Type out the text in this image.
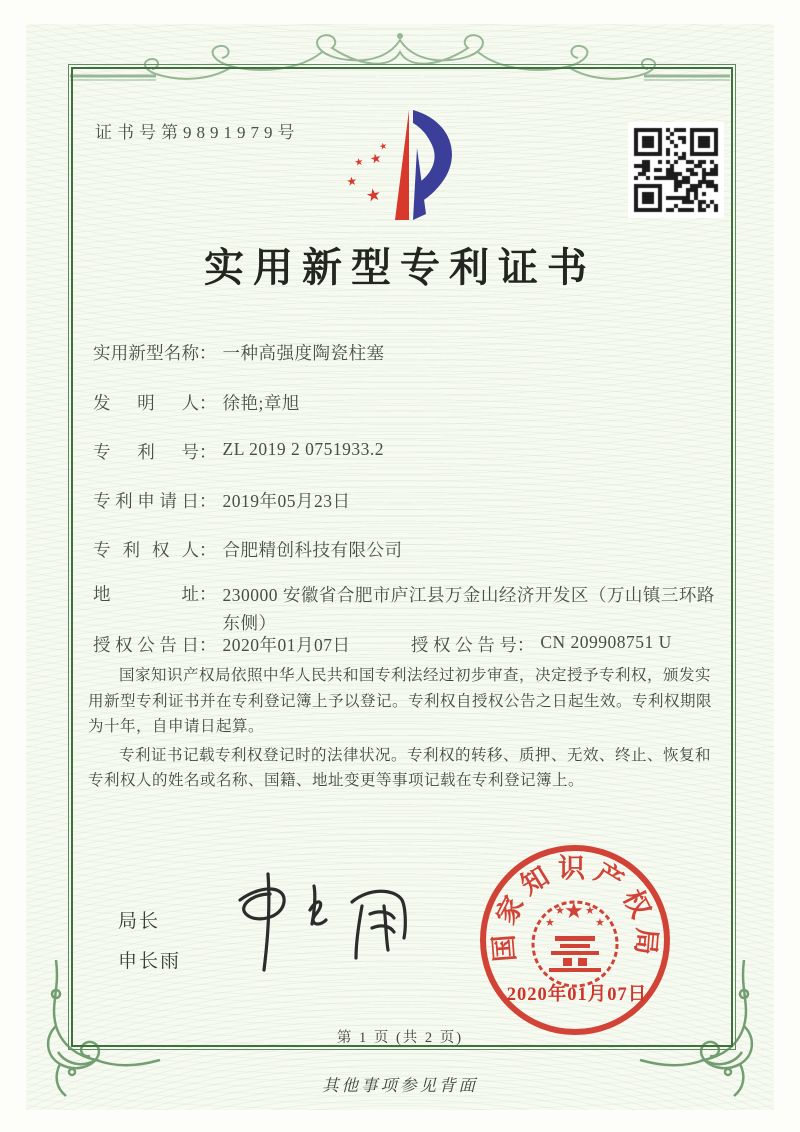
证书号第9891979号
★
★
★
★
★
实用新型专利证书
实用新型名称： 一种高强度陶瓷柱塞
发明人： 徐艳;章旭
专利号： ZL 2019 2 0751933.2
专利申请日： 2019年05月23日
专利权人： 合肥精创科技有限公司
地址： 230000 安徽省合肥市庐江县万金山经济开发区（万山镇三环路东侧）
授权公告日： 2020年01月07日	授权公告号： CN 209908751 U

国家知识产权局依照中华人民共和国专利法经过初步审查，决定授予专利权，颁发实用新型专利证书并在专利登记簿上予以登记。专利权自授权公告之日起生效。专利权期限为十年，自申请日起算。

专利证书记载专利权登记时的法律状况。专利权的转移、质押、无效、终止、恢复和专利权人的姓名或名称、国籍、地址变更等事项记载在专利登记簿上。

局长
申长雨	国家知识产权局
★
★
★ ★
★
2020年01月07日
第 1 页 (共 2 页)
其他事项参见背面
